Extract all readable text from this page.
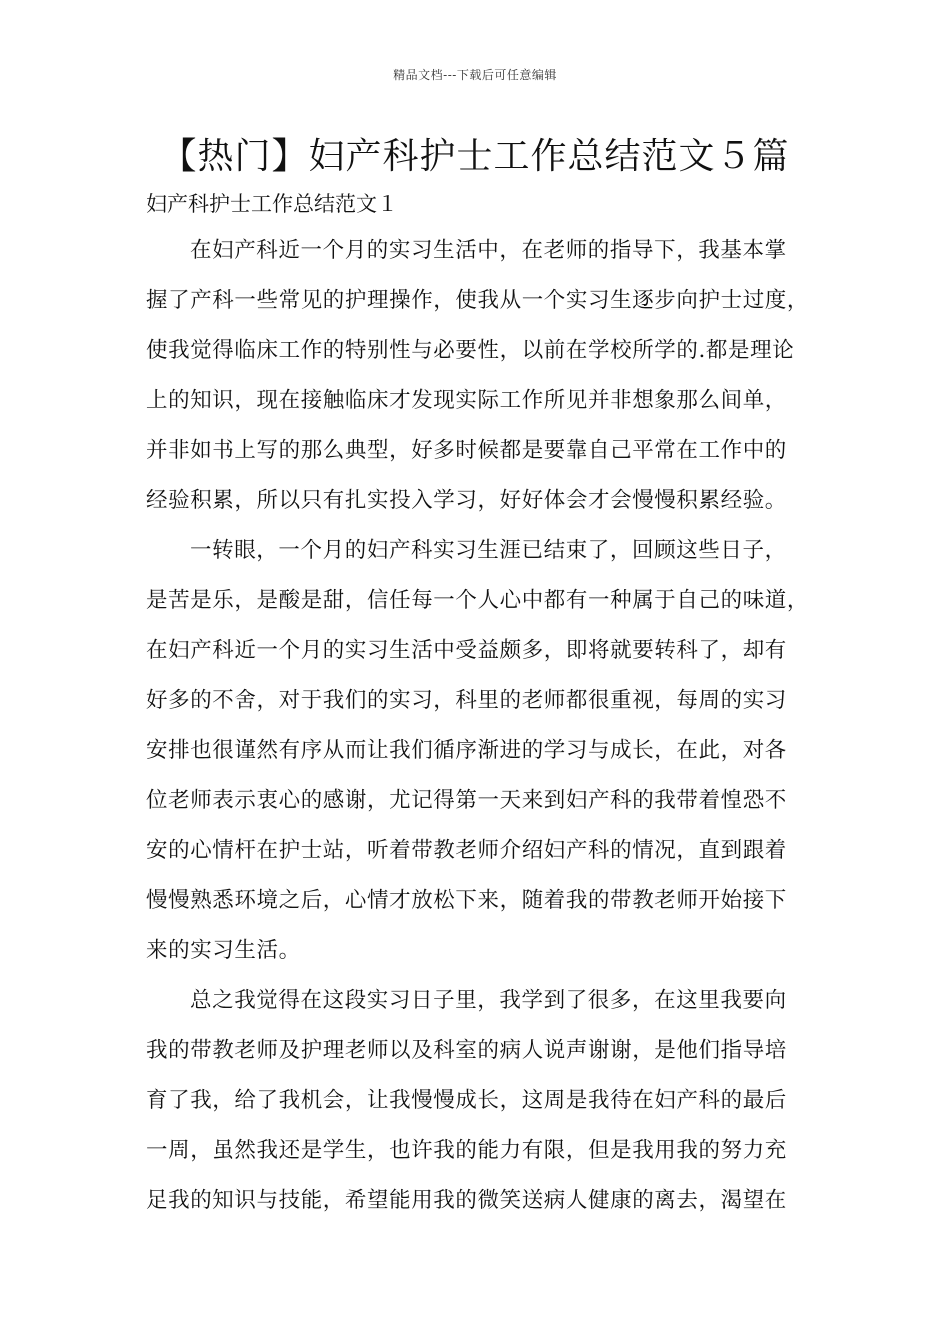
精品文档---下载后可任意编辑
【热门】妇产科护士工作总结范文５篇
妇产科护士工作总结范文１
在妇产科近一个月的实习生活中，在老师的指导下，我基本掌
握了产科一些常见的护理操作，使我从一个实习生逐步向护士过度，
使我觉得临床工作的特别性与必要性，以前在学校所学的.都是理论
上的知识，现在接触临床才发现实际工作所见并非想象那么间单，
并非如书上写的那么典型，好多时候都是要靠自己平常在工作中的
经验积累，所以只有扎实投入学习，好好体会才会慢慢积累经验。
一转眼，一个月的妇产科实习生涯已结束了，回顾这些日子，
是苦是乐，是酸是甜，信任每一个人心中都有一种属于自己的味道，
在妇产科近一个月的实习生活中受益颇多，即将就要转科了，却有
好多的不舍，对于我们的实习，科里的老师都很重视，每周的实习
安排也很谨然有序从而让我们循序渐进的学习与成长，在此，对各
位老师表示衷心的感谢，尤记得第一天来到妇产科的我带着惶恐不
安的心情杆在护士站，听着带教老师介绍妇产科的情况，直到跟着
慢慢熟悉环境之后，心情才放松下来，随着我的带教老师开始接下
来的实习生活。
总之我觉得在这段实习日子里，我学到了很多，在这里我要向
我的带教老师及护理老师以及科室的病人说声谢谢，是他们指导培
育了我，给了我机会，让我慢慢成长，这周是我待在妇产科的最后
一周，虽然我还是学生，也许我的能力有限，但是我用我的努力充
足我的知识与技能，希望能用我的微笑送病人健康的离去，渴望在
